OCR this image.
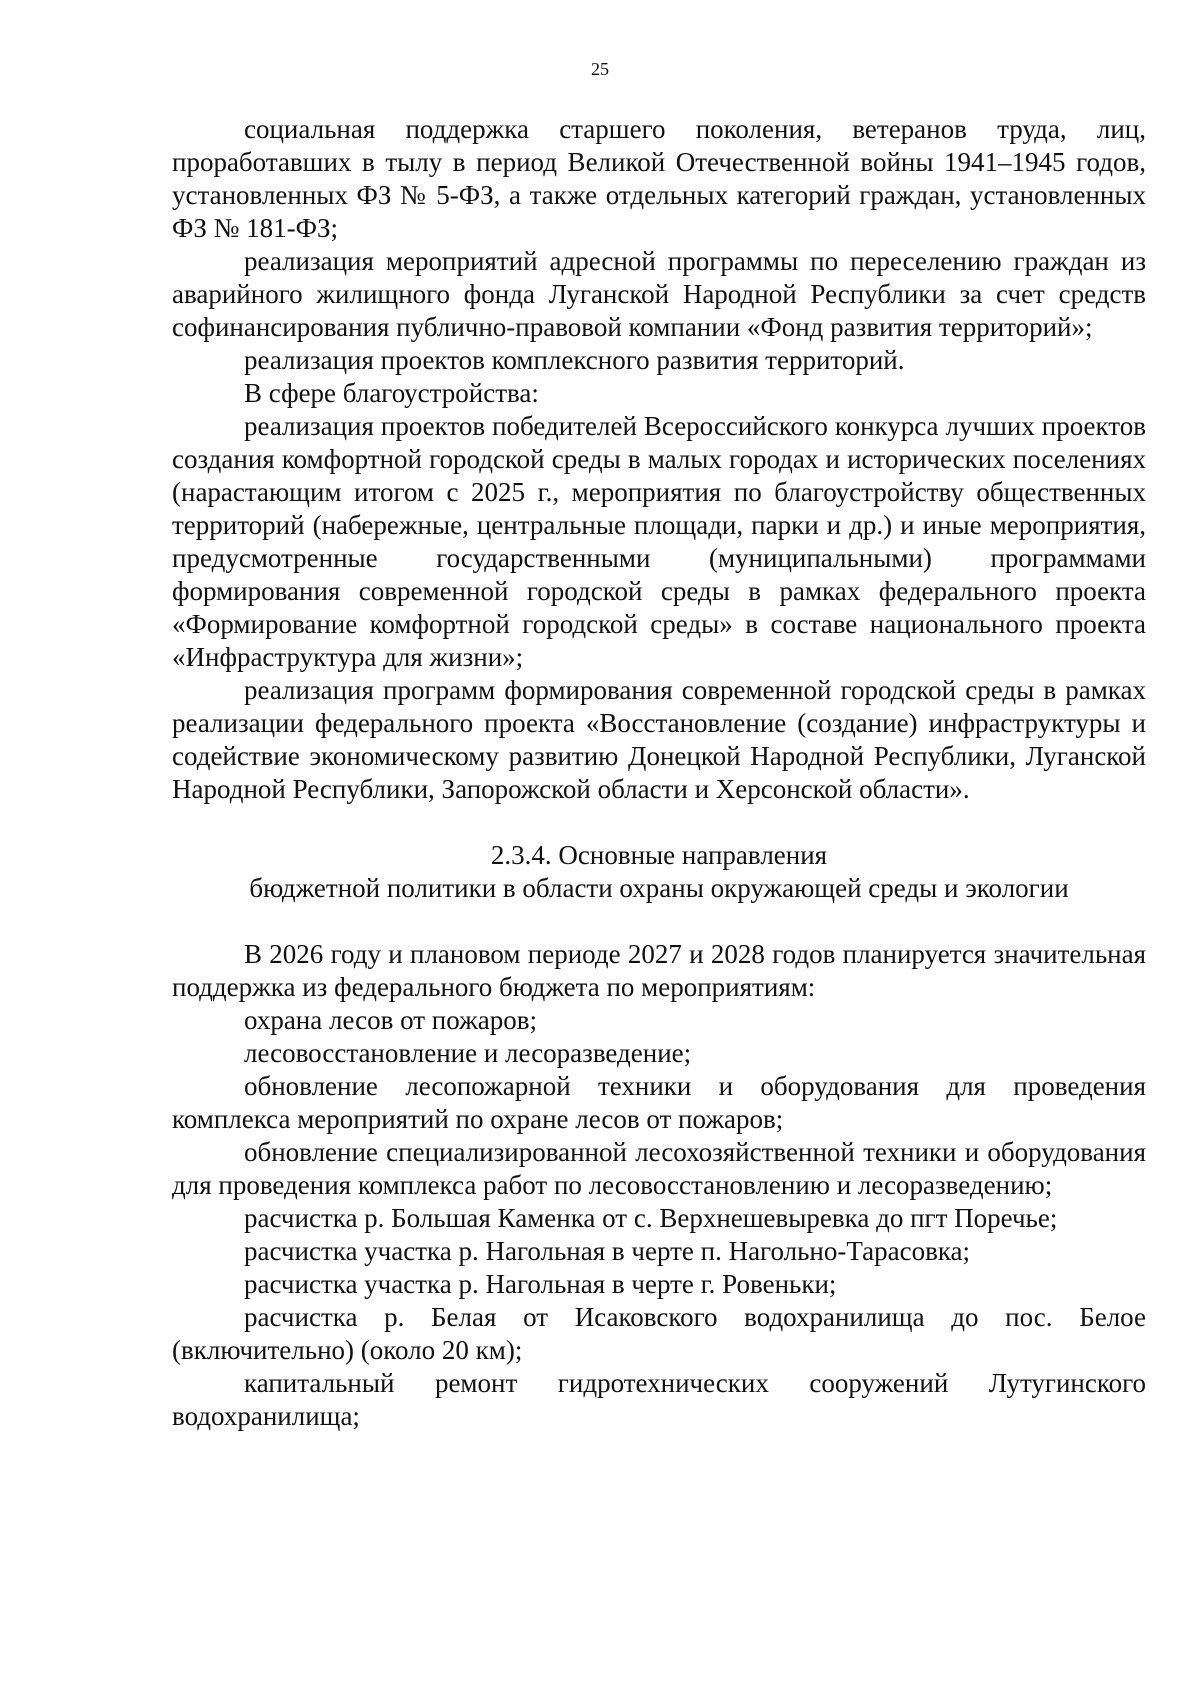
25

социальная поддержка старшего поколения, ветеранов труда, лиц, проработавших в тылу в период Великой Отечественной войны 1941–1945 годов, установленных ФЗ № 5-ФЗ, а также отдельных категорий граждан, установленных ФЗ № 181-ФЗ;

реализация мероприятий адресной программы по переселению граждан из аварийного жилищного фонда Луганской Народной Республики за счет средств софинансирования публично-правовой компании «Фонд развития территорий»;

реализация проектов комплексного развития территорий.

В сфере благоустройства:

реализация проектов победителей Всероссийского конкурса лучших проектов создания комфортной городской среды в малых городах и исторических поселениях (нарастающим итогом с 2025 г., мероприятия по благоустройству общественных территорий (набережные, центральные площади, парки и др.) и иные мероприятия, предусмотренные государственными (муниципальными) программами формирования современной городской среды в рамках федерального проекта «Формирование комфортной городской среды» в составе национального проекта «Инфраструктура для жизни»;

реализация программ формирования современной городской среды в рамках реализации федерального проекта «Восстановление (создание) инфраструктуры и содействие экономическому развитию Донецкой Народной Республики, Луганской Народной Республики, Запорожской области и Херсонской области».

2.3.4. Основные направления

бюджетной политики в области охраны окружающей среды и экологии

В 2026 году и плановом периоде 2027 и 2028 годов планируется значительная поддержка из федерального бюджета по мероприятиям:

охрана лесов от пожаров;

лесовосстановление и лесоразведение;

обновление лесопожарной техники и оборудования для проведения комплекса мероприятий по охране лесов от пожаров;

обновление специализированной лесохозяйственной техники и оборудования для проведения комплекса работ по лесовосстановлению и лесоразведению;

расчистка р. Большая Каменка от с. Верхнешевыревка до пгт Поречье;

расчистка участка р. Нагольная в черте п. Нагольно-Тарасовка;

расчистка участка р. Нагольная в черте г. Ровеньки;

расчистка р. Белая от Исаковского водохранилища до пос. Белое (включительно) (около 20 км);

капитальный ремонт гидротехнических сооружений Лутугинского водохранилища;
